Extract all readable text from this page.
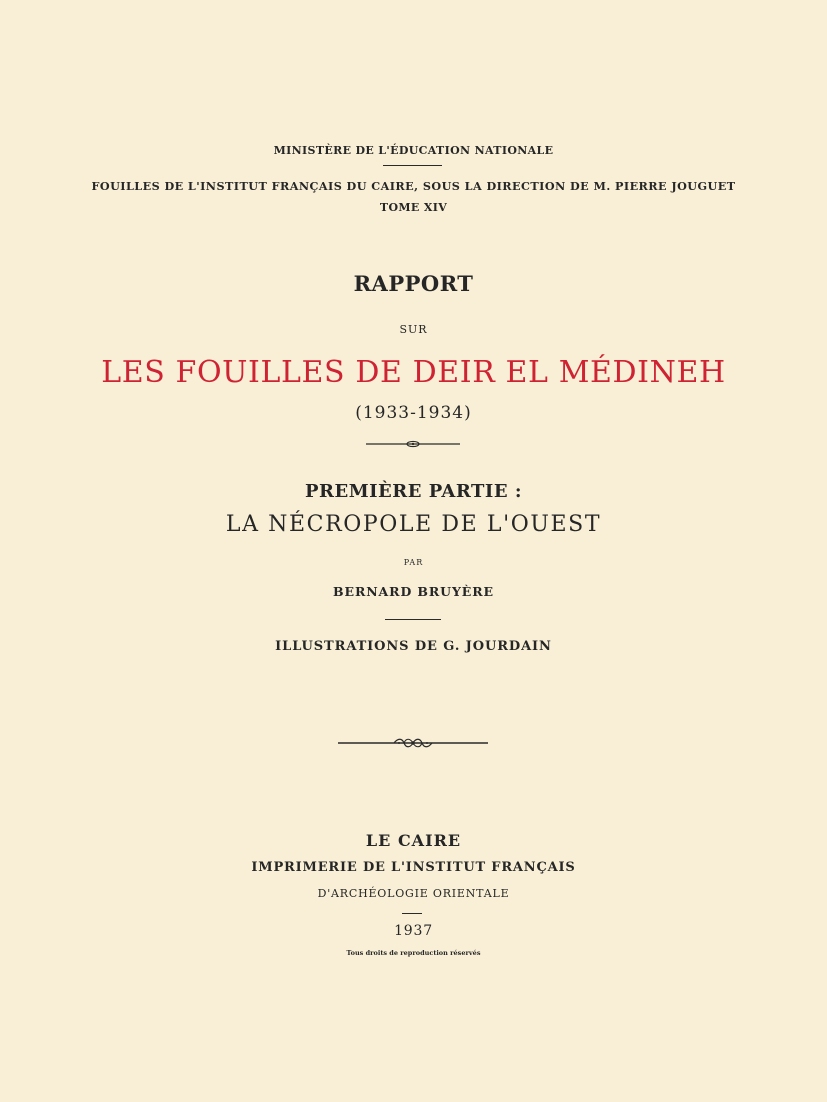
MINISTÈRE DE L'ÉDUCATION NATIONALE
FOUILLES DE L'INSTITUT FRANÇAIS DU CAIRE, SOUS LA DIRECTION DE M. PIERRE JOUGUET
TOME XIV
RAPPORT
SUR
LES FOUILLES DE DEIR EL MÉDINEH
(1933-1934)
PREMIÈRE PARTIE :
LA NÉCROPOLE DE L'OUEST
PAR
BERNARD BRUYÈRE
ILLUSTRATIONS DE G. JOURDAIN
LE CAIRE
IMPRIMERIE DE L'INSTITUT FRANÇAIS
D'ARCHÉOLOGIE ORIENTALE
1937
Tous droits de reproduction réservés
